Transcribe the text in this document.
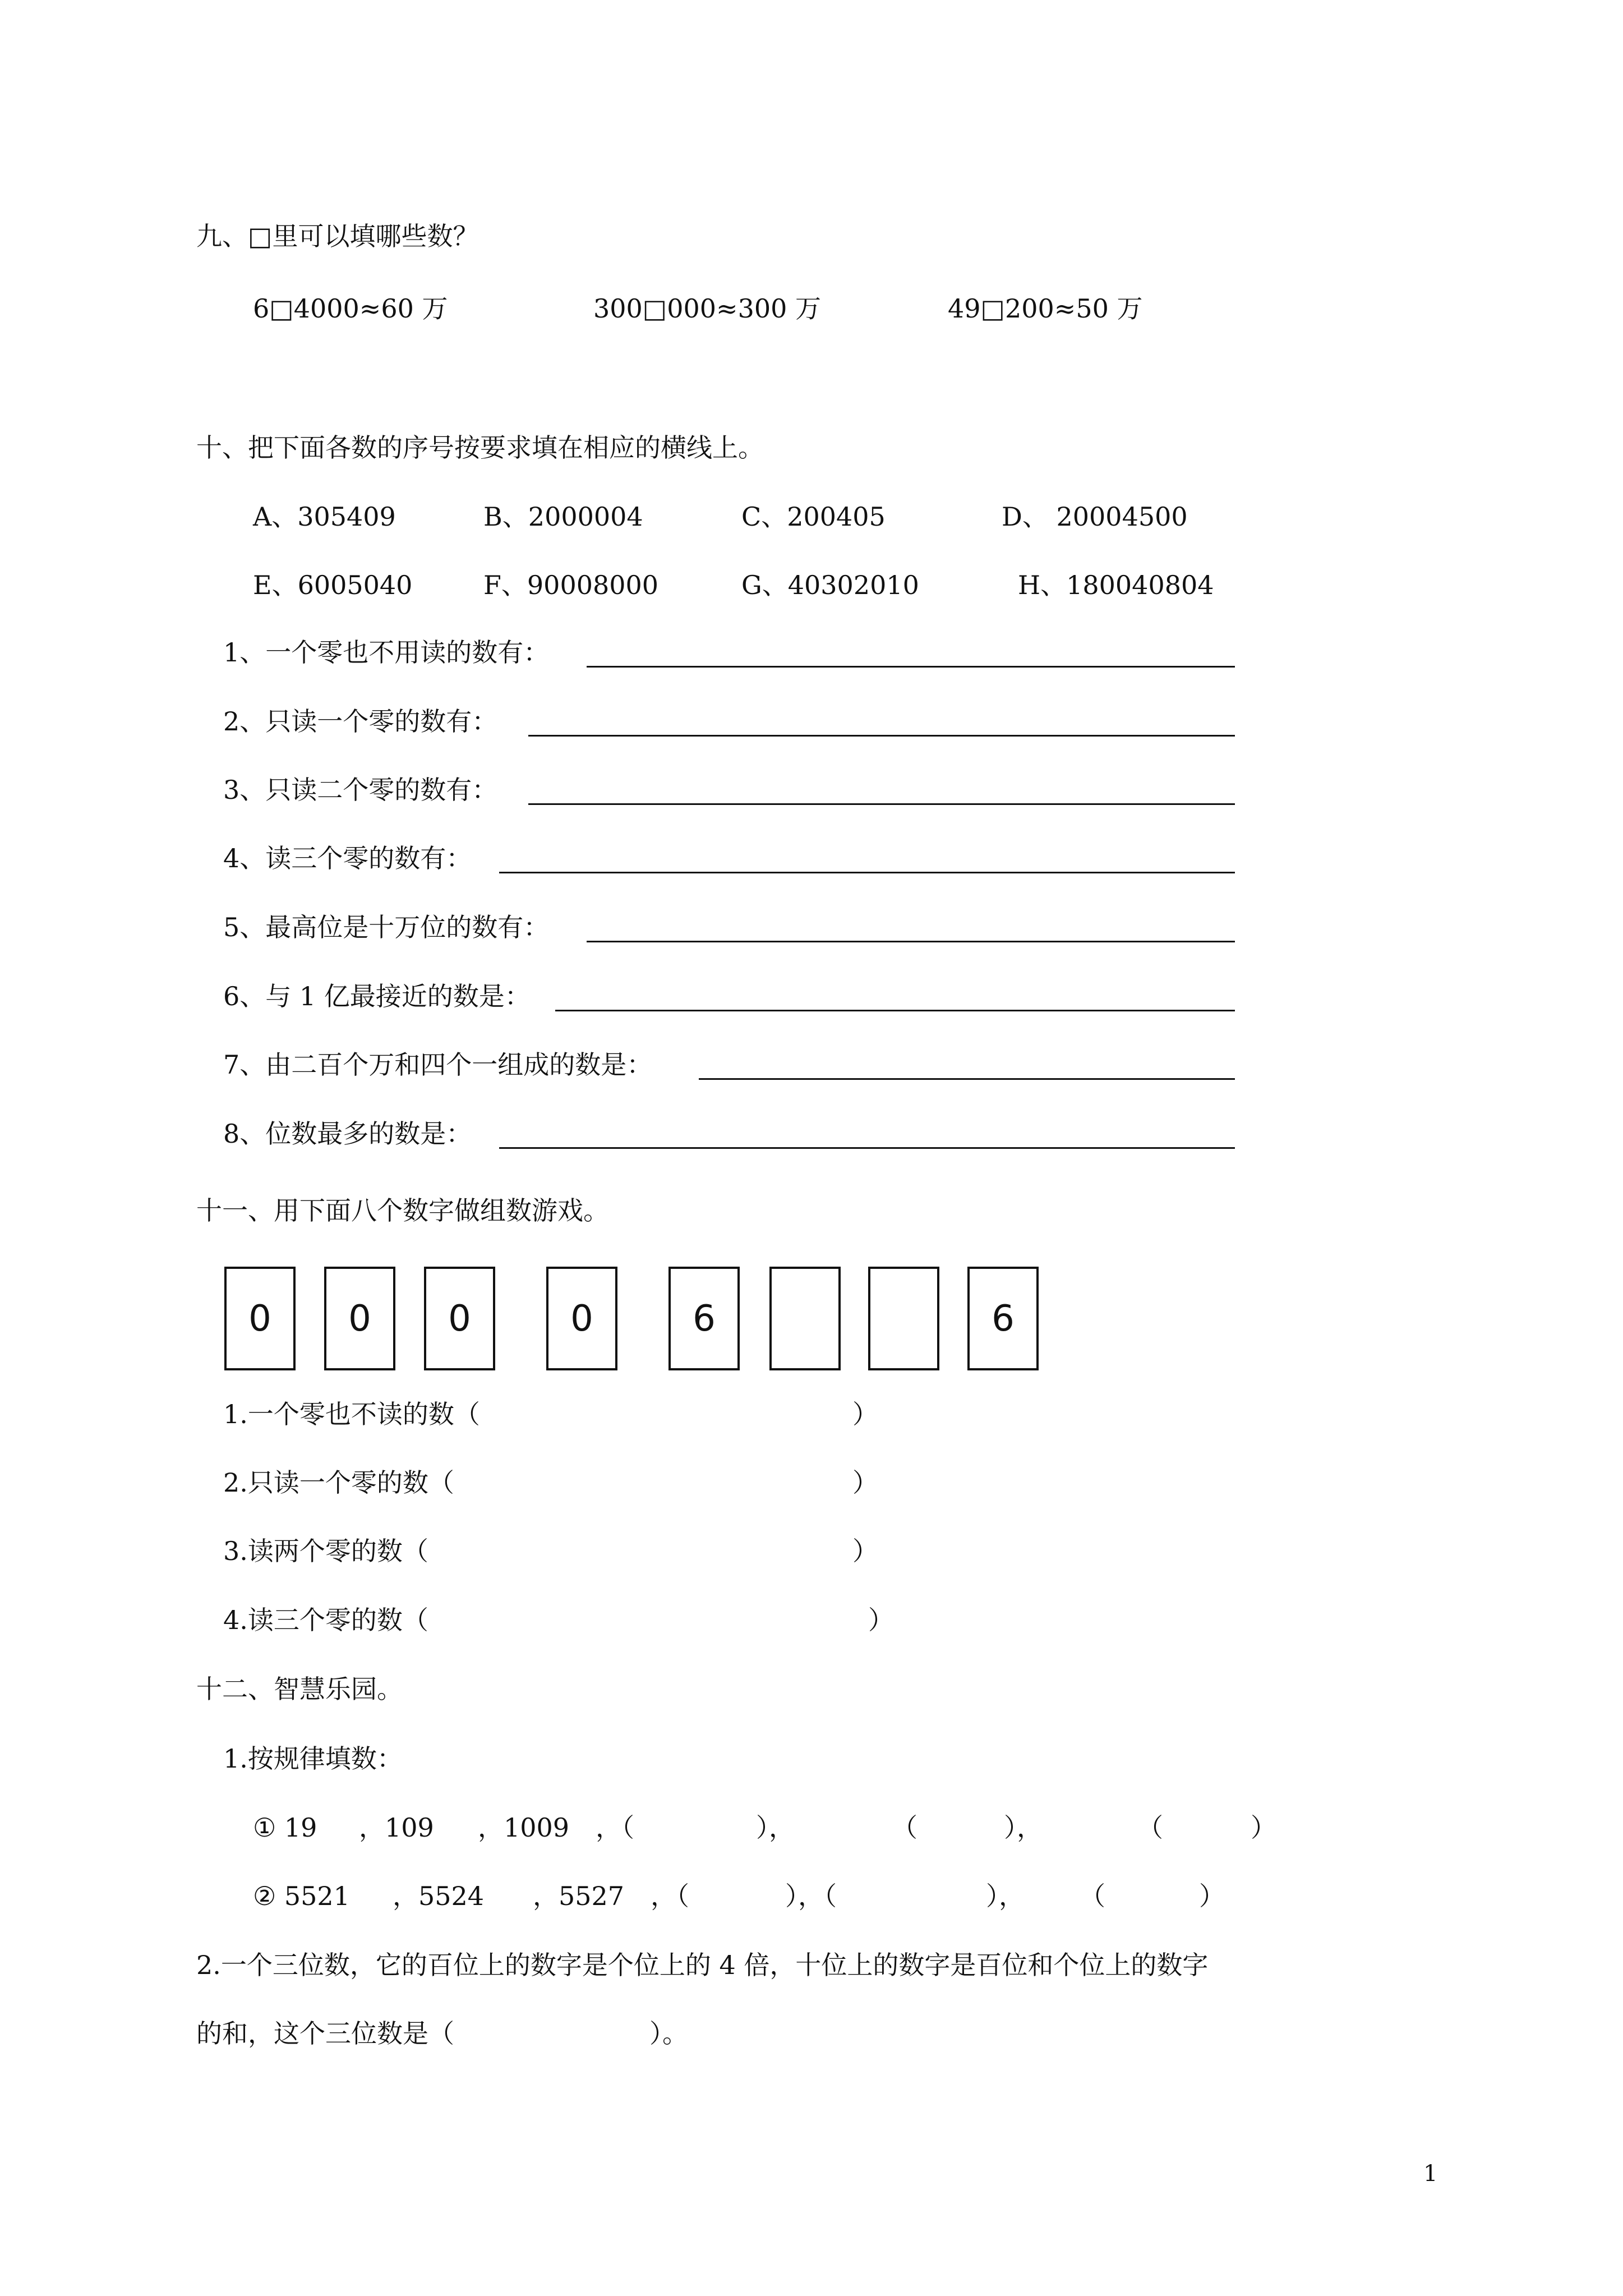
九、□里可以填哪些数？
6□4000≈60 万	300□000≈300 万	49□200≈50 万
十、把下面各数的序号按要求填在相应的横线上。
A、305409	B、2000004	C、200405	D、 20004500
E、6005040	F、90008000	G、40302010	H、180040804
1、一个零也不用读的数有：
2、只读一个零的数有：
3、只读二个零的数有：
4、读三个零的数有：
5、最高位是十万位的数有：
6、与 1 亿最接近的数是：
7、由二百个万和四个一组成的数是：
8、位数最多的数是：
十一、用下面八个数字做组数游戏。
0	0	0	0	6	6
1.一个零也不读的数（	）
2.只读一个零的数（	）
3.读两个零的数（	）
4.读三个零的数（	）
十二、智慧乐园。
1.按规律填数：
① 19 ，109 ，1009 ，（	），	（	），	（	）
② 5521 ，5524 ，5527 ，（	），（	）， （	）
2.一个三位数，它的百位上的数字是个位上的 4 倍，十位上的数字是百位和个位上的数字
的和，这个三位数是（	）。
1
